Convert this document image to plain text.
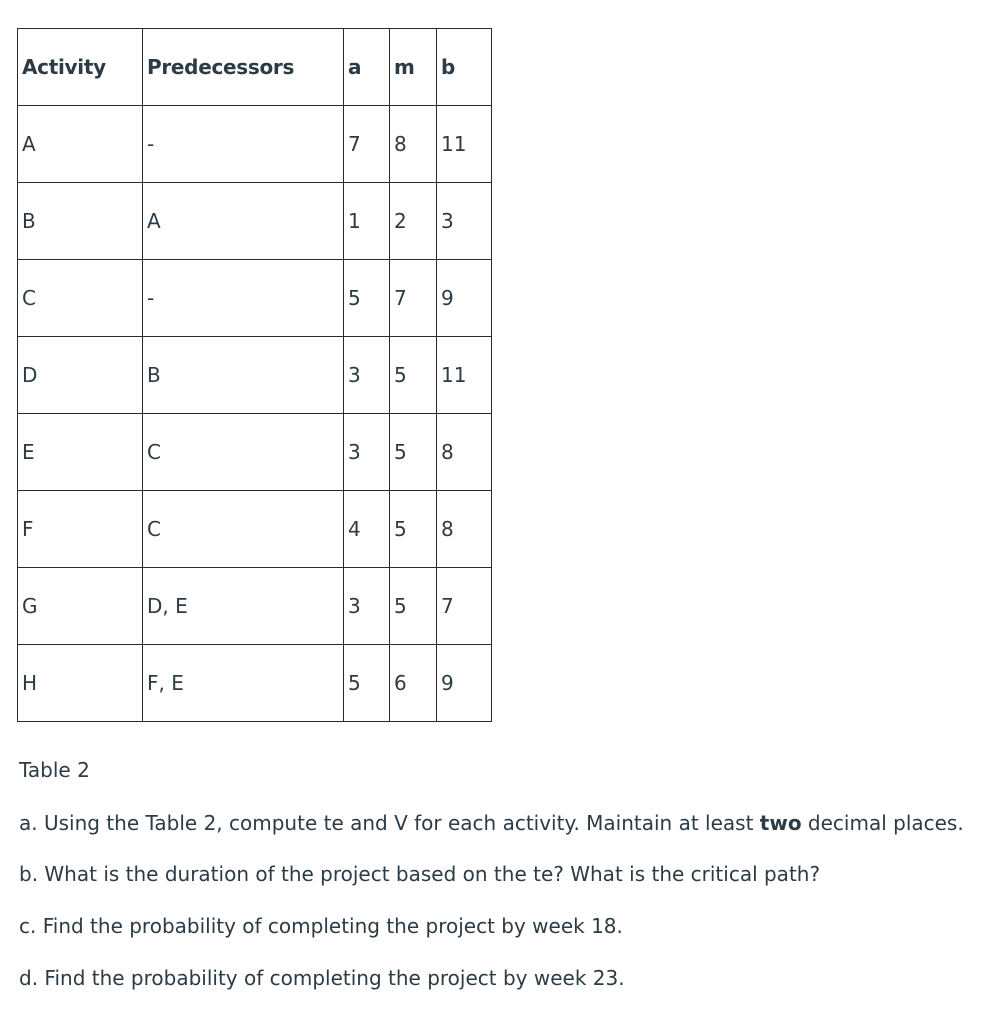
Activity	Predecessors	a	m	b
A	-	7	8	11
B	A	1	2	3
C	-	5	7	9
D	B	3	5	11
E	C	3	5	8
F	C	4	5	8
G	D, E	3	5	7
H	F, E	5	6	9

Table 2

a. Using the Table 2, compute te and V for each activity. Maintain at least two decimal places.

b. What is the duration of the project based on the te? What is the critical path?

c. Find the probability of completing the project by week 18.

d. Find the probability of completing the project by week 23.
